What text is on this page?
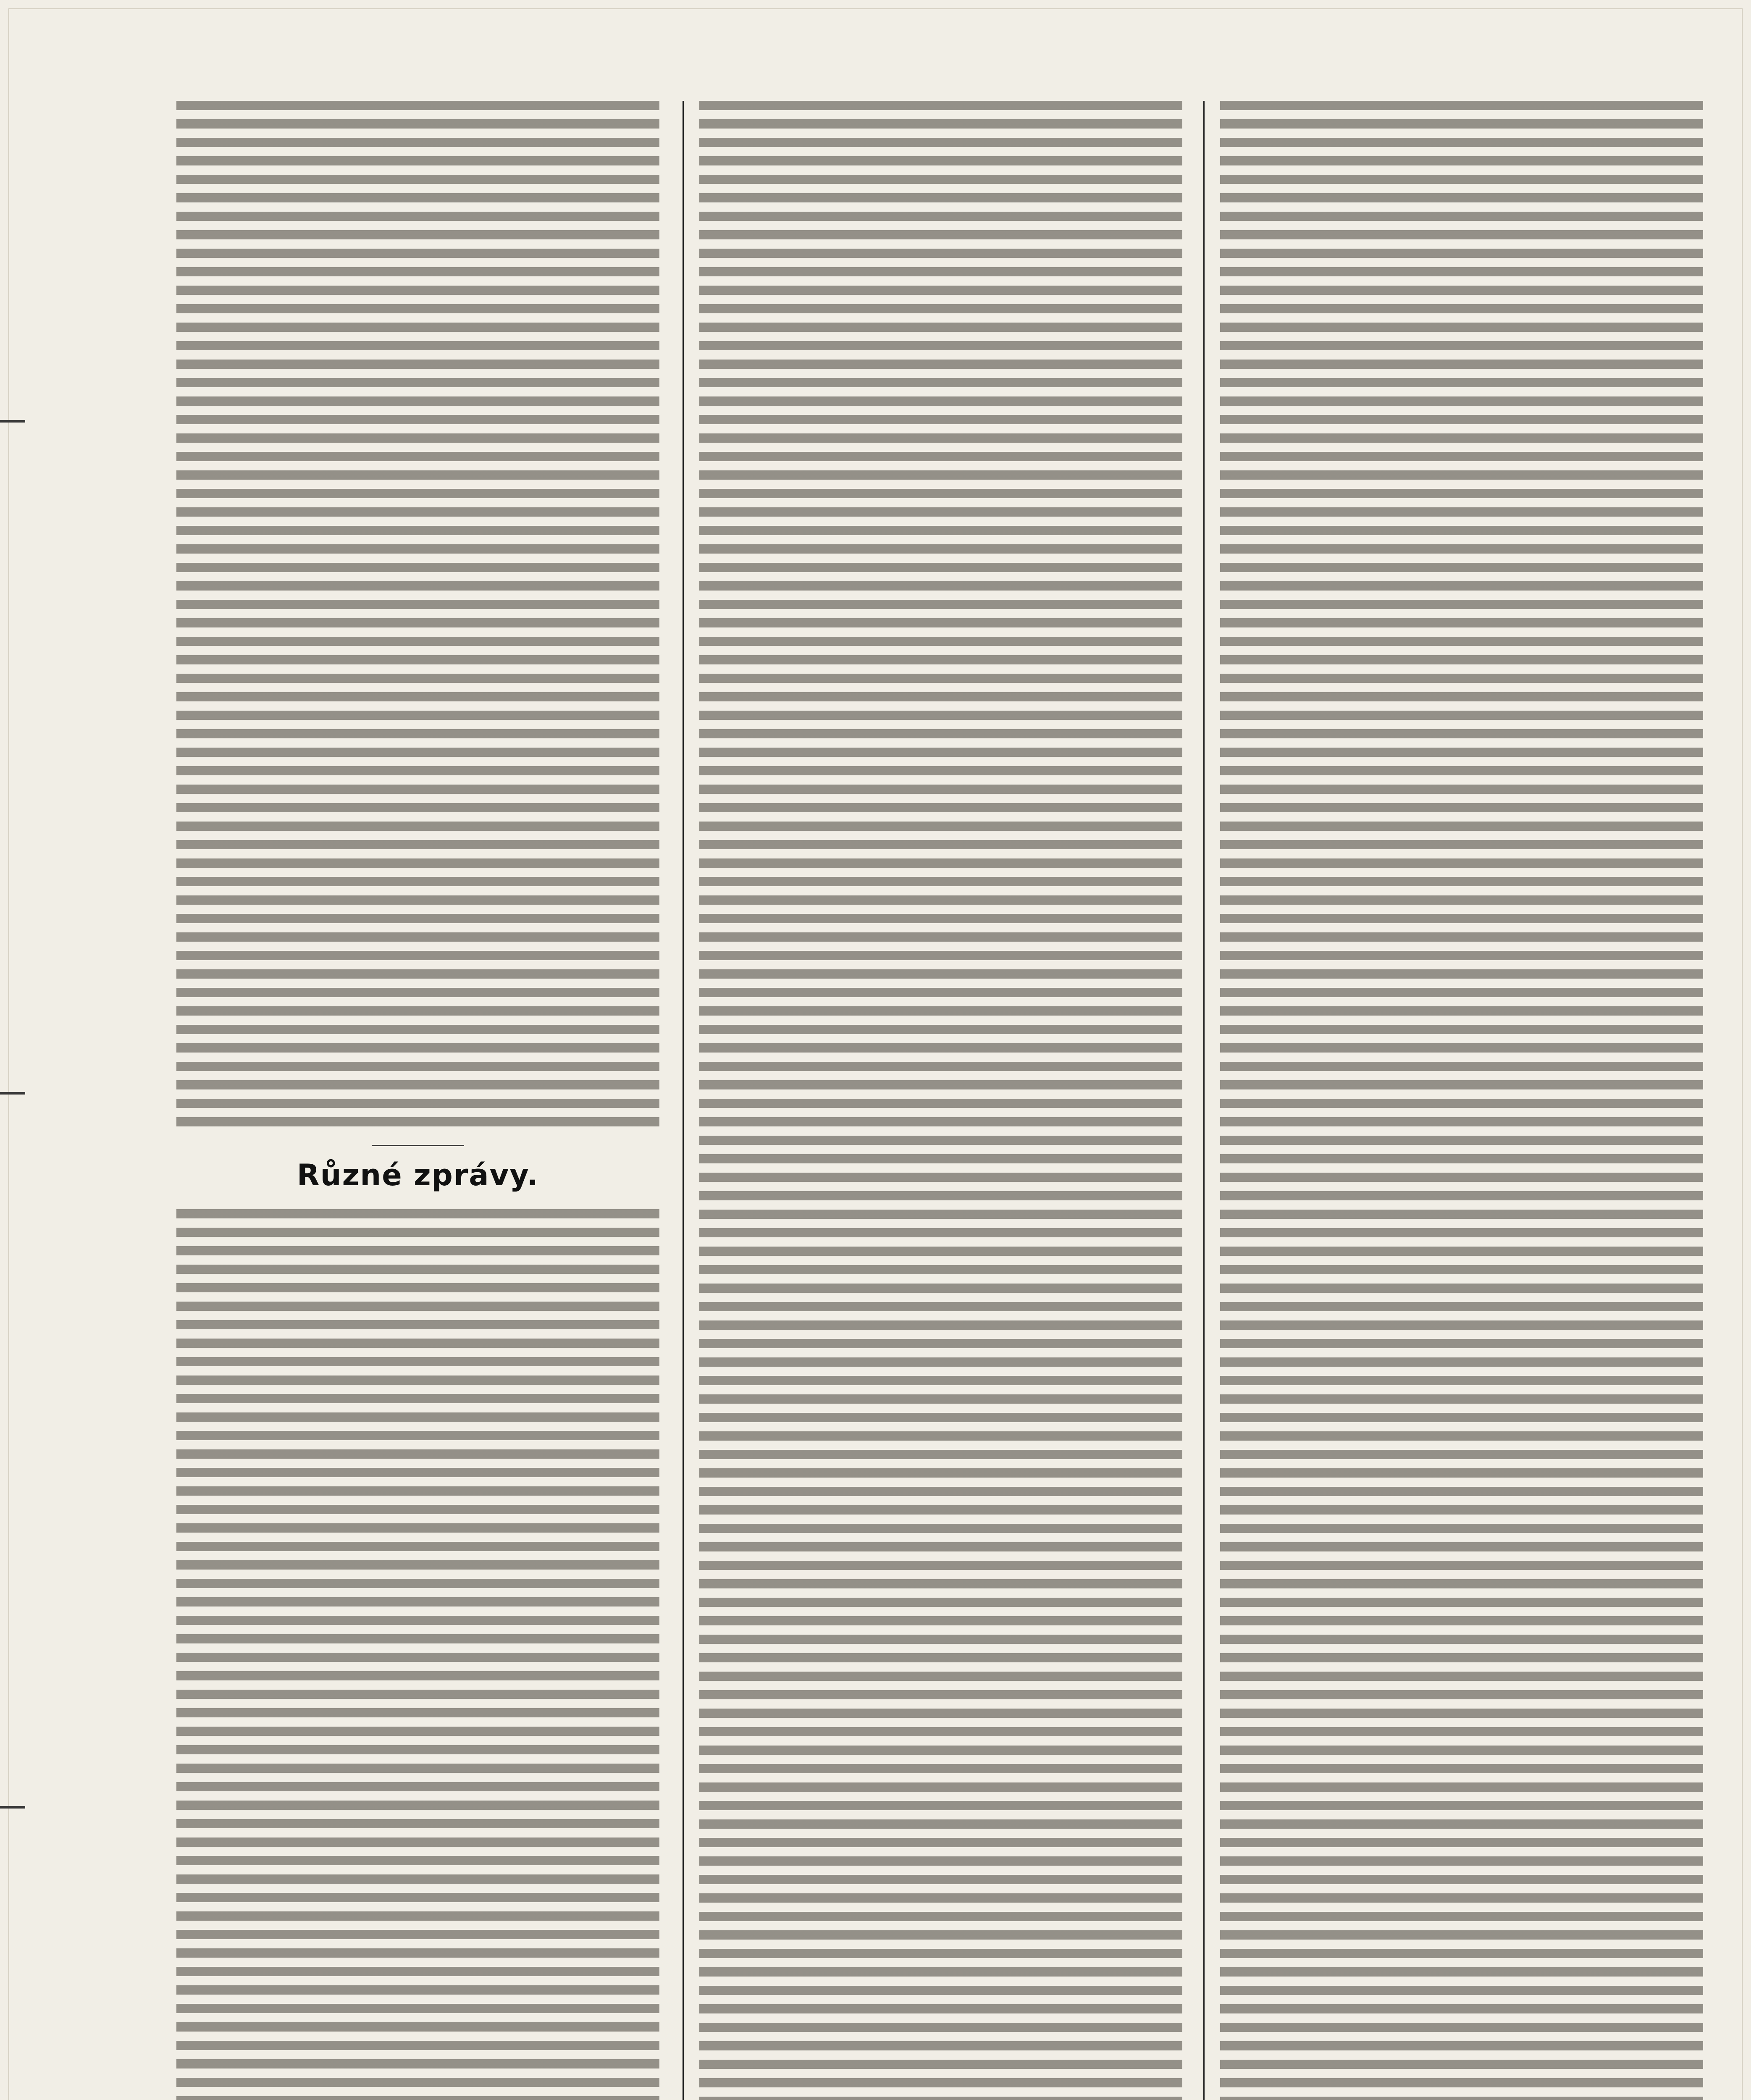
Různé zprávy.
